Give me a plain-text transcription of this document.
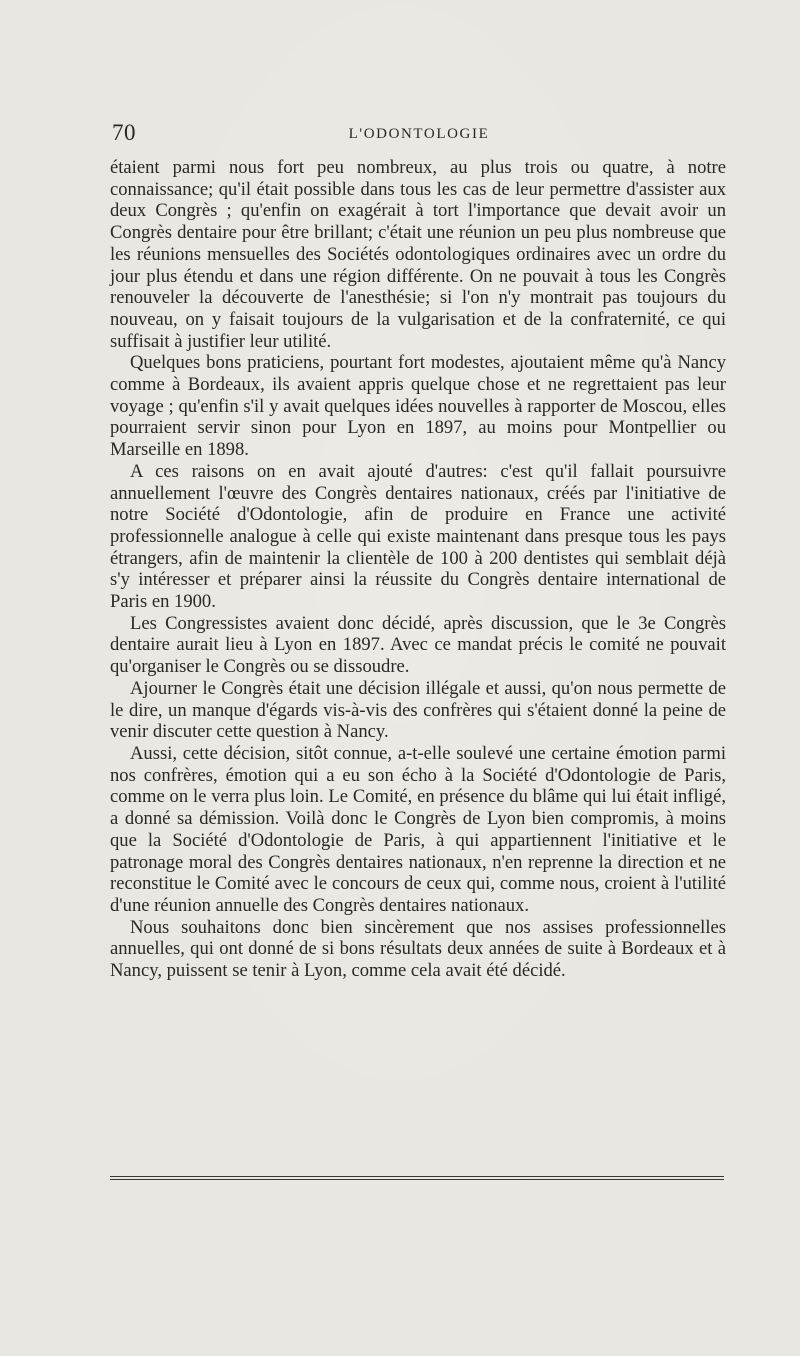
70	L'ODONTOLOGIE

étaient parmi nous fort peu nombreux, au plus trois ou quatre, à notre connaissance; qu'il était possible dans tous les cas de leur permettre d'assister aux deux Congrès ; qu'enfin on exagérait à tort l'importance que devait avoir un Congrès dentaire pour être brillant; c'était une réunion un peu plus nombreuse que les réunions mensuelles des Sociétés odontologiques ordinaires avec un ordre du jour plus étendu et dans une région différente. On ne pouvait à tous les Congrès renouveler la découverte de l'anesthésie; si l'on n'y montrait pas toujours du nouveau, on y faisait toujours de la vulgarisation et de la confraternité, ce qui suffisait à justifier leur utilité.

Quelques bons praticiens, pourtant fort modestes, ajoutaient même qu'à Nancy comme à Bordeaux, ils avaient appris quelque chose et ne regrettaient pas leur voyage ; qu'enfin s'il y avait quelques idées nouvelles à rapporter de Moscou, elles pourraient servir sinon pour Lyon en 1897, au moins pour Montpellier ou Marseille en 1898.

A ces raisons on en avait ajouté d'autres: c'est qu'il fallait poursuivre annuellement l'œuvre des Congrès dentaires nationaux, créés par l'initiative de notre Société d'Odontologie, afin de produire en France une activité professionnelle analogue à celle qui existe maintenant dans presque tous les pays étrangers, afin de maintenir la clientèle de 100 à 200 dentistes qui semblait déjà s'y intéresser et préparer ainsi la réussite du Congrès dentaire international de Paris en 1900.

Les Congressistes avaient donc décidé, après discussion, que le 3e Congrès dentaire aurait lieu à Lyon en 1897. Avec ce mandat précis le comité ne pouvait qu'organiser le Congrès ou se dissoudre.

Ajourner le Congrès était une décision illégale et aussi, qu'on nous permette de le dire, un manque d'égards vis-à-vis des confrères qui s'étaient donné la peine de venir discuter cette question à Nancy.

Aussi, cette décision, sitôt connue, a-t-elle soulevé une certaine émotion parmi nos confrères, émotion qui a eu son écho à la Société d'Odontologie de Paris, comme on le verra plus loin. Le Comité, en présence du blâme qui lui était infligé, a donné sa démission. Voilà donc le Congrès de Lyon bien compromis, à moins que la Société d'Odontologie de Paris, à qui appartiennent l'initiative et le patronage moral des Congrès dentaires nationaux, n'en reprenne la direction et ne reconstitue le Comité avec le concours de ceux qui, comme nous, croient à l'utilité d'une réunion annuelle des Congrès dentaires nationaux.

Nous souhaitons donc bien sincèrement que nos assises professionnelles annuelles, qui ont donné de si bons résultats deux années de suite à Bordeaux et à Nancy, puissent se tenir à Lyon, comme cela avait été décidé.
